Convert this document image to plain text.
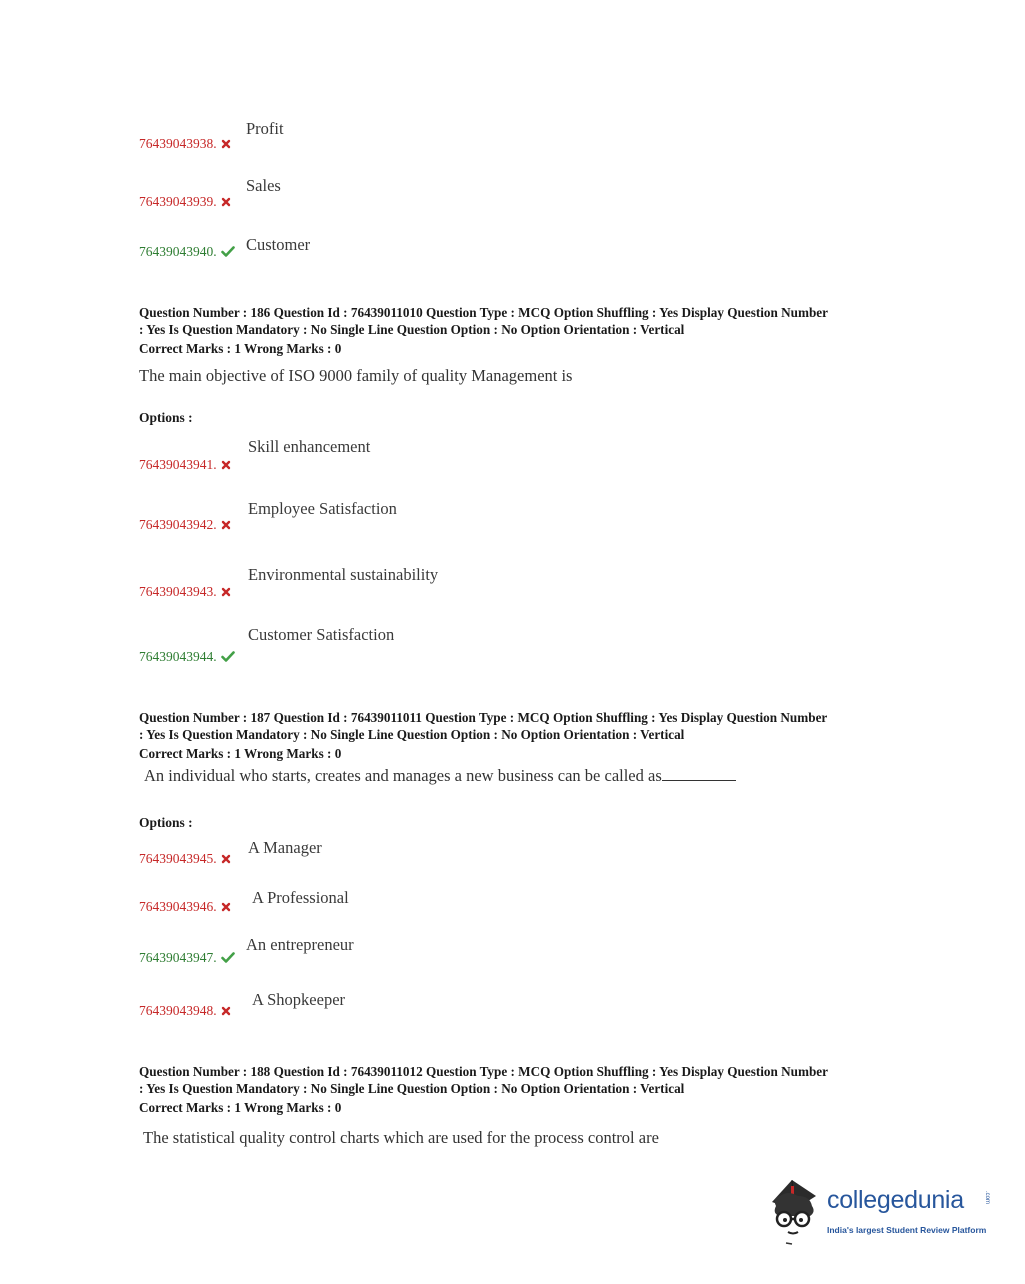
Profit
76439043938.
Sales
76439043939.
Customer
76439043940.
Question Number : 186 Question Id : 76439011010 Question Type : MCQ Option Shuffling : Yes Display Question Number
: Yes Is Question Mandatory : No Single Line Question Option : No Option Orientation : Vertical
Correct Marks : 1 Wrong Marks : 0
The main objective of ISO 9000 family of quality Management is
Options :
Skill enhancement
76439043941.
Employee Satisfaction
76439043942.
Environmental sustainability
76439043943.
Customer Satisfaction
76439043944.
Question Number : 187 Question Id : 76439011011 Question Type : MCQ Option Shuffling : Yes Display Question Number
: Yes Is Question Mandatory : No Single Line Question Option : No Option Orientation : Vertical
Correct Marks : 1 Wrong Marks : 0
An individual who starts, creates and manages a new business can be called as
Options :
A Manager
76439043945.
A Professional
76439043946.
An entrepreneur
76439043947.
A Shopkeeper
76439043948.
Question Number : 188 Question Id : 76439011012 Question Type : MCQ Option Shuffling : Yes Display Question Number
: Yes Is Question Mandatory : No Single Line Question Option : No Option Orientation : Vertical
Correct Marks : 1 Wrong Marks : 0
The statistical quality control charts which are used for the process control are
collegedunia	.com
India's largest Student Review Platform
